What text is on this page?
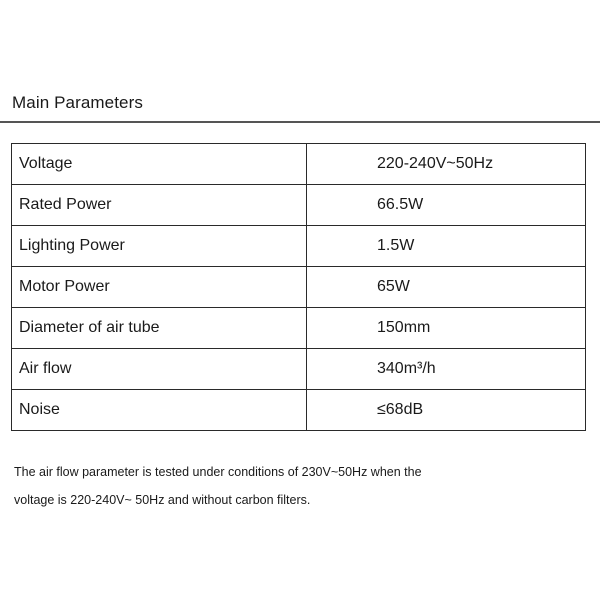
Main Parameters
Voltage	220-240V~50Hz
Rated Power	66.5W
Lighting Power	1.5W
Motor Power	65W
Diameter of air tube	150mm
Air flow	340m³/h
Noise	≤68dB

The air flow parameter is tested under conditions of 230V~50Hz when the

voltage is 220-240V~ 50Hz and without carbon filters.
